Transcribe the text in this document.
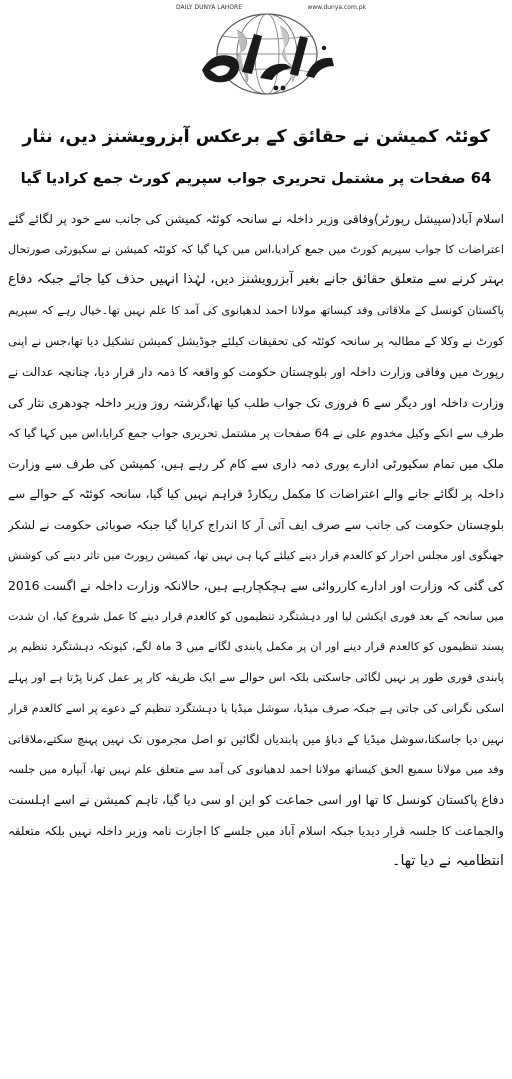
DAILY DUNYA LAHORE	www.dunya.com.pk
کوئٹہ کمیشن نے حقائق کے برعکس آبزرویشنز دیں، نثار
64 صفحات پر مشتمل تحریری جواب سپریم کورٹ جمع کرادیا گیا
اسلام آباد(سپیشل رپورٹر)وفاقی وزیر داخلہ نے سانحہ کوئٹہ کمیشن کی جانب سے خود پر لگائے گئے
اعتراضات کا جواب سپریم کورٹ میں جمع کرادیا،اس میں کہا گیا کہ کوئٹہ کمیشن نے سکیورٹی صورتحال
بہتر کرنے سے متعلق حقائق جانے بغیر آبزرویشنز دیں، لہٰذا انہیں حذف کیا جائے جبکہ دفاع
پاکستان کونسل کے ملاقاتی وفد کیساتھ مولانا احمد لدھیانوی کی آمد کا علم نہیں تھا۔خیال رہے کہ سپریم
کورٹ نے وکلا کے مطالبہ پر سانحہ کوئٹہ کی تحقیقات کیلئے جوڈیشل کمیشن تشکیل دیا تھا،جس نے اپنی
رپورٹ میں وفاقی وزارت داخلہ اور بلوچستان حکومت کو واقعہ کا ذمہ دار قرار دیا، چنانچہ عدالت نے
وزارت داخلہ اور دیگر سے 6 فروری تک جواب طلب کیا تھا،گزشتہ روز وزیر داخلہ چودھری نثار کی
طرف سے انکے وکیل مخدوم علی نے 64 صفحات پر مشتمل تحریری جواب جمع کرایا،اس میں کہا گیا کہ
ملک میں تمام سکیورٹی ادارے پوری ذمہ داری سے کام کر رہے ہیں، کمیشن کی طرف سے وزارت
داخلہ پر لگائے جانے والے اعتراضات کا مکمل ریکارڈ فراہم نہیں کیا گیا، سانحہ کوئٹہ کے حوالے سے
بلوچستان حکومت کی جانب سے صرف ایف آئی آر کا اندراج کرایا گیا جبکہ صوبائی حکومت نے لشکر
جھنگوی اور مجلس احرار کو کالعدم قرار دینے کیلئے کہا ہی نہیں تھا، کمیشن رپورٹ میں تاثر دینے کی کوشش
کی گئی کہ وزارت اور ادارے کارروائی سے ہچکچارہے ہیں، حالانکہ وزارت داخلہ نے اگست 2016
میں سانحہ کے بعد فوری ایکشن لیا اور دہشتگرد تنظیموں کو کالعدم قرار دینے کا عمل شروع کیا، ان شدت
پسند تنظیموں کو کالعدم قرار دینے اور ان پر مکمل پابندی لگانے میں 3 ماہ لگے، کیونکہ دہشتگرد تنظیم پر
پابندی فوری طور پر نہیں لگائی جاسکتی بلکہ اس حوالے سے ایک طریقہ کار پر عمل کرنا پڑتا ہے اور پہلے
اسکی نگرانی کی جاتی ہے جبکہ صرف میڈیا، سوشل میڈیا یا دہشتگرد تنظیم کے دعوے پر اسے کالعدم قرار
نہیں دیا جاسکتا،سوشل میڈیا کے دباؤ میں پابندیاں لگائیں تو اصل مجرموں تک نہیں پہنچ سکتے،ملاقاتی
وفد میں مولانا سمیع الحق کیساتھ مولانا احمد لدھیانوی کی آمد سے متعلق علم نہیں تھا، آبپارہ میں جلسہ
دفاع پاکستان کونسل کا تھا اور اسی جماعت کو این او سی دیا گیا، تاہم کمیشن نے اسے اہلسنت
والجماعت کا جلسہ قرار دیدیا جبکہ اسلام آباد میں جلسے کا اجازت نامہ وزیر داخلہ نہیں بلکہ متعلقہ
انتظامیہ نے دیا تھا۔
